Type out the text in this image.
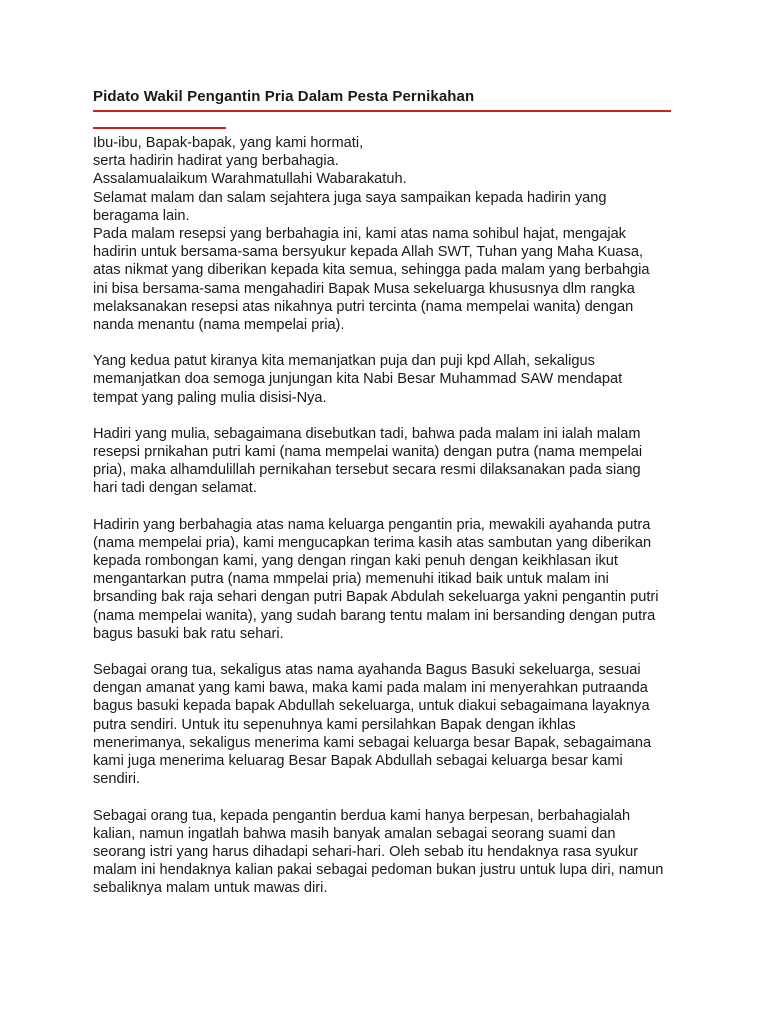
Pidato Wakil Pengantin Pria Dalam Pesta Pernikahan

Ibu-ibu, Bapak-bapak, yang kami hormati,
serta hadirin hadirat yang berbahagia.
Assalamualaikum Warahmatullahi Wabarakatuh.
Selamat malam dan salam sejahtera juga saya sampaikan kepada hadirin yang
beragama lain.
Pada malam resepsi yang berbahagia ini, kami atas nama sohibul hajat, mengajak
hadirin untuk bersama-sama bersyukur kepada Allah SWT, Tuhan yang Maha Kuasa,
atas nikmat yang diberikan kepada kita semua, sehingga pada malam yang berbahgia
ini bisa bersama-sama mengahadiri Bapak Musa sekeluarga khususnya dlm rangka
melaksanakan resepsi atas nikahnya putri tercinta (nama mempelai wanita) dengan
nanda menantu (nama mempelai pria).

Yang kedua patut kiranya kita memanjatkan puja dan puji kpd Allah, sekaligus
memanjatkan doa semoga junjungan kita Nabi Besar Muhammad SAW mendapat
tempat yang paling mulia disisi-Nya.

Hadiri yang mulia, sebagaimana disebutkan tadi, bahwa pada malam ini ialah malam
resepsi prnikahan putri kami (nama mempelai wanita) dengan putra (nama mempelai
pria), maka alhamdulillah pernikahan tersebut secara resmi dilaksanakan pada siang
hari tadi dengan selamat.

Hadirin yang berbahagia atas nama keluarga pengantin pria, mewakili ayahanda putra
(nama mempelai pria), kami mengucapkan terima kasih atas sambutan yang diberikan
kepada rombongan kami, yang dengan ringan kaki penuh dengan keikhlasan ikut
mengantarkan putra (nama mmpelai pria) memenuhi itikad baik untuk malam ini
brsanding bak raja sehari dengan putri Bapak Abdulah sekeluarga yakni pengantin putri
(nama mempelai wanita), yang sudah barang tentu malam ini bersanding dengan putra
bagus basuki bak ratu sehari.

Sebagai orang tua, sekaligus atas nama ayahanda Bagus Basuki sekeluarga, sesuai
dengan amanat yang kami bawa, maka kami pada malam ini menyerahkan putraanda
bagus basuki kepada bapak Abdullah sekeluarga, untuk diakui sebagaimana layaknya
putra sendiri. Untuk itu sepenuhnya kami persilahkan Bapak dengan ikhlas
menerimanya, sekaligus menerima kami sebagai keluarga besar Bapak, sebagaimana
kami juga menerima keluarag Besar Bapak Abdullah sebagai keluarga besar kami
sendiri.

Sebagai orang tua, kepada pengantin berdua kami hanya berpesan, berbahagialah
kalian, namun ingatlah bahwa masih banyak amalan sebagai seorang suami dan
seorang istri yang harus dihadapi sehari-hari. Oleh sebab itu hendaknya rasa syukur
malam ini hendaknya kalian pakai sebagai pedoman bukan justru untuk lupa diri, namun
sebaliknya malam untuk mawas diri.
